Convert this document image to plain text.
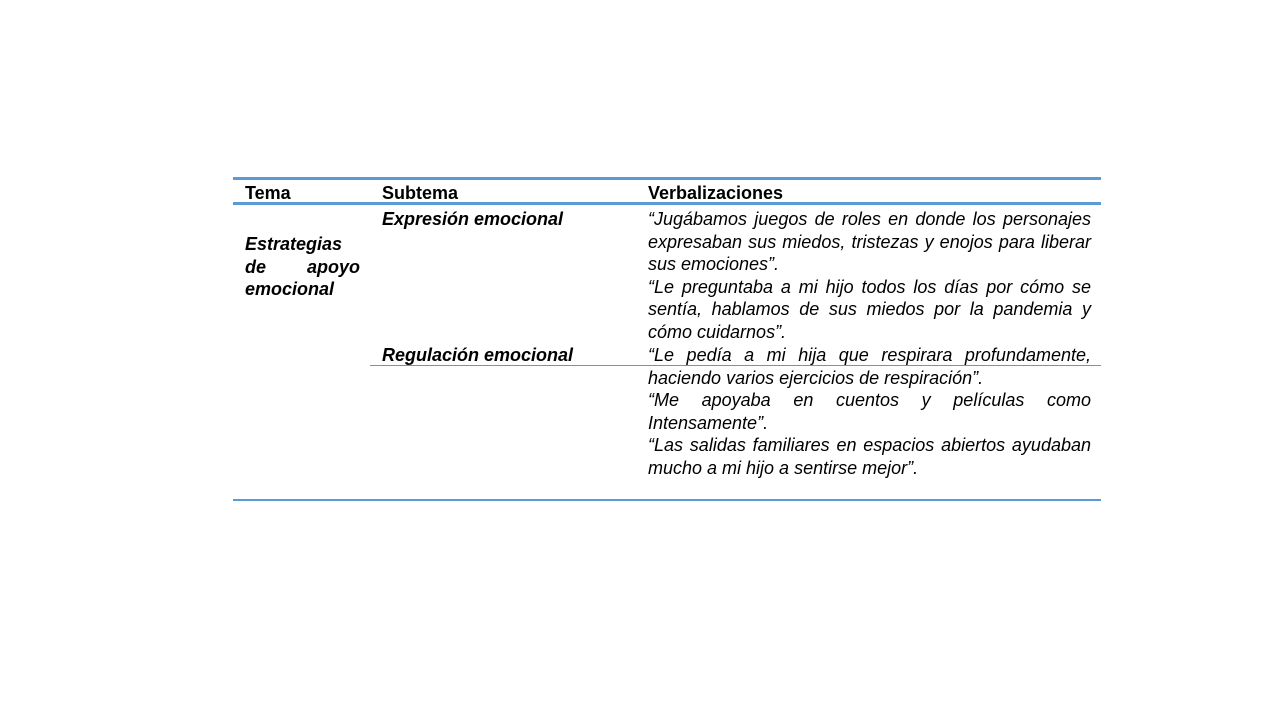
Tema	Subtema	Verbalizaciones
Estrategias
de apoyo
emocional
Expresión emocional	“Jugábamos juegos de roles en donde los personajes expresaban sus miedos, tristezas y enojos para liberar sus emociones”.
“Le preguntaba a mi hijo todos los días por cómo se sentía, hablamos de sus miedos por la pandemia y cómo cuidarnos”.
Regulación emocional	“Le pedía a mi hija que respirara profundamente, haciendo varios ejercicios de respiración”.
“Me apoyaba en cuentos y películas como Intensamente”.
“Las salidas familiares en espacios abiertos ayudaban mucho a mi hijo a sentirse mejor”.
